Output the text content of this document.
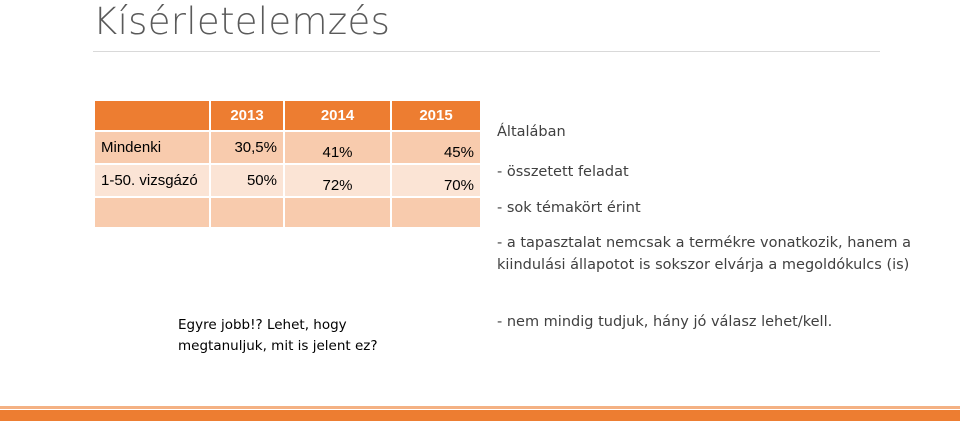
Kísérletelemzés
	2013	2014	2015
Mindenki	30,5%	41%	45%
1-50. vizsgázó	50%	72%	70%

Egyre jobb!? Lehet, hogy megtanuljuk, mit is jelent ez?
Általában
- összetett feladat
- sok témakört érint
- a tapasztalat nemcsak a termékre vonatkozik, hanem a kiindulási állapotot is sokszor elvárja a megoldókulcs (is)
- nem mindig tudjuk, hány jó válasz lehet/kell.
